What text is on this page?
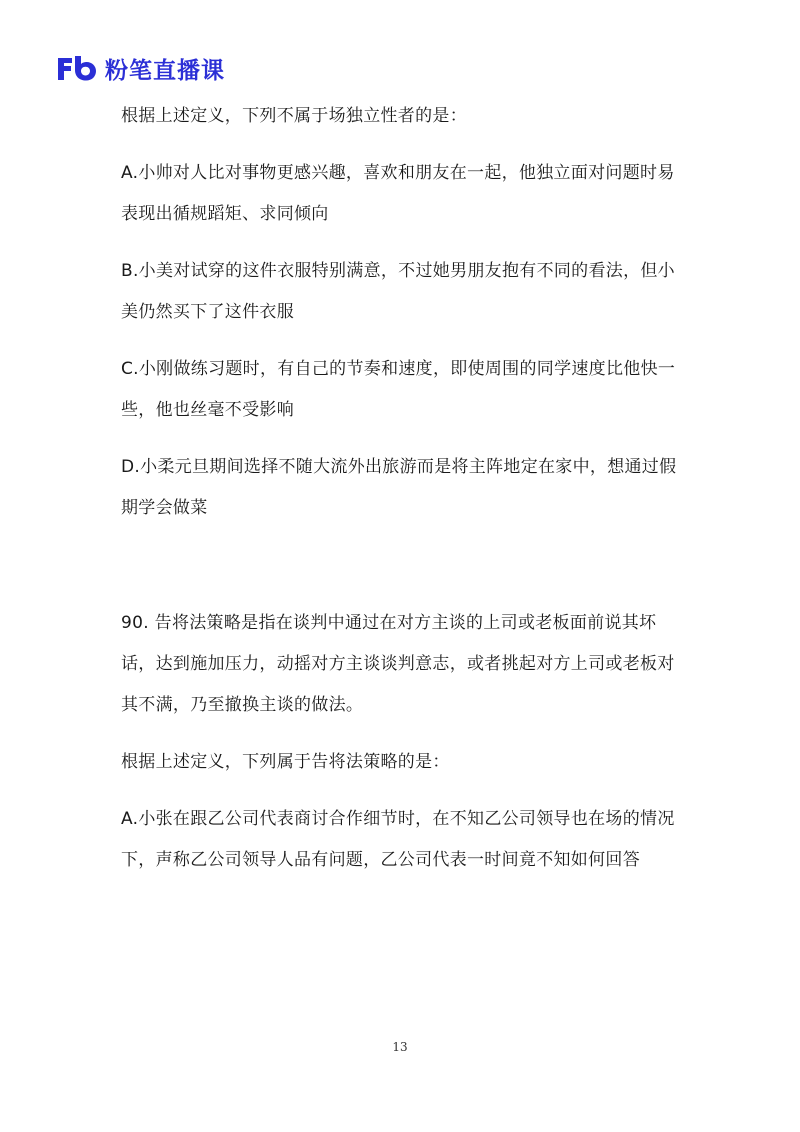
粉笔直播课

根据上述定义，下列不属于场独立性者的是：

A.小帅对人比对事物更感兴趣，喜欢和朋友在一起，他独立面对问题时易表现出循规蹈矩、求同倾向

B.小美对试穿的这件衣服特别满意，不过她男朋友抱有不同的看法，但小美仍然买下了这件衣服

C.小刚做练习题时，有自己的节奏和速度，即使周围的同学速度比他快一些，他也丝毫不受影响

D.小柔元旦期间选择不随大流外出旅游而是将主阵地定在家中，想通过假期学会做菜

90. 告将法策略是指在谈判中通过在对方主谈的上司或老板面前说其坏话，达到施加压力，动摇对方主谈谈判意志，或者挑起对方上司或老板对其不满，乃至撤换主谈的做法。

根据上述定义，下列属于告将法策略的是：

A.小张在跟乙公司代表商讨合作细节时，在不知乙公司领导也在场的情况下，声称乙公司领导人品有问题，乙公司代表一时间竟不知如何回答

13
